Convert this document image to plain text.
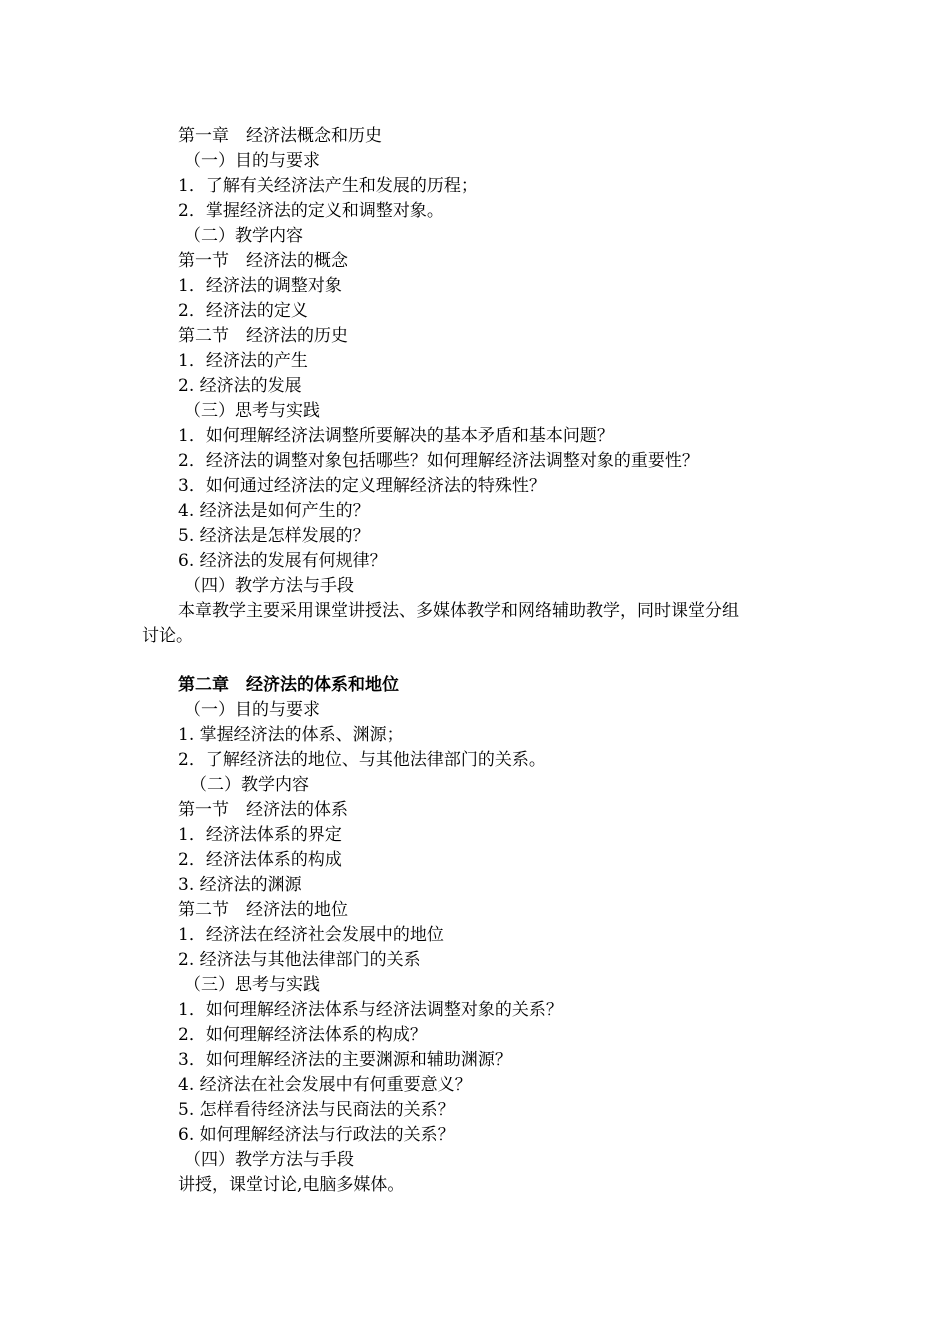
第一章　经济法概念和历史
（一）目的与要求
1．了解有关经济法产生和发展的历程；
2．掌握经济法的定义和调整对象。
（二）教学内容
第一节　经济法的概念
1．经济法的调整对象
2．经济法的定义
第二节　经济法的历史
1．经济法的产生
2. 经济法的发展
（三）思考与实践
1．如何理解经济法调整所要解决的基本矛盾和基本问题？
2．经济法的调整对象包括哪些？如何理解经济法调整对象的重要性？
3．如何通过经济法的定义理解经济法的特殊性？
4. 经济法是如何产生的？
5. 经济法是怎样发展的？
6. 经济法的发展有何规律？
（四）教学方法与手段
本章教学主要采用课堂讲授法、多媒体教学和网络辅助教学，同时课堂分组
讨论。
第二章　经济法的体系和地位
（一）目的与要求
1. 掌握经济法的体系、渊源；
2．了解经济法的地位、与其他法律部门的关系。
（二）教学内容
第一节　经济法的体系
1．经济法体系的界定
2．经济法体系的构成
3. 经济法的渊源
第二节　经济法的地位
1．经济法在经济社会发展中的地位
2. 经济法与其他法律部门的关系
（三）思考与实践
1．如何理解经济法体系与经济法调整对象的关系？
2．如何理解经济法体系的构成？
3．如何理解经济法的主要渊源和辅助渊源？
4. 经济法在社会发展中有何重要意义？
5. 怎样看待经济法与民商法的关系？
6. 如何理解经济法与行政法的关系？
（四）教学方法与手段
讲授，课堂讨论,电脑多媒体。
